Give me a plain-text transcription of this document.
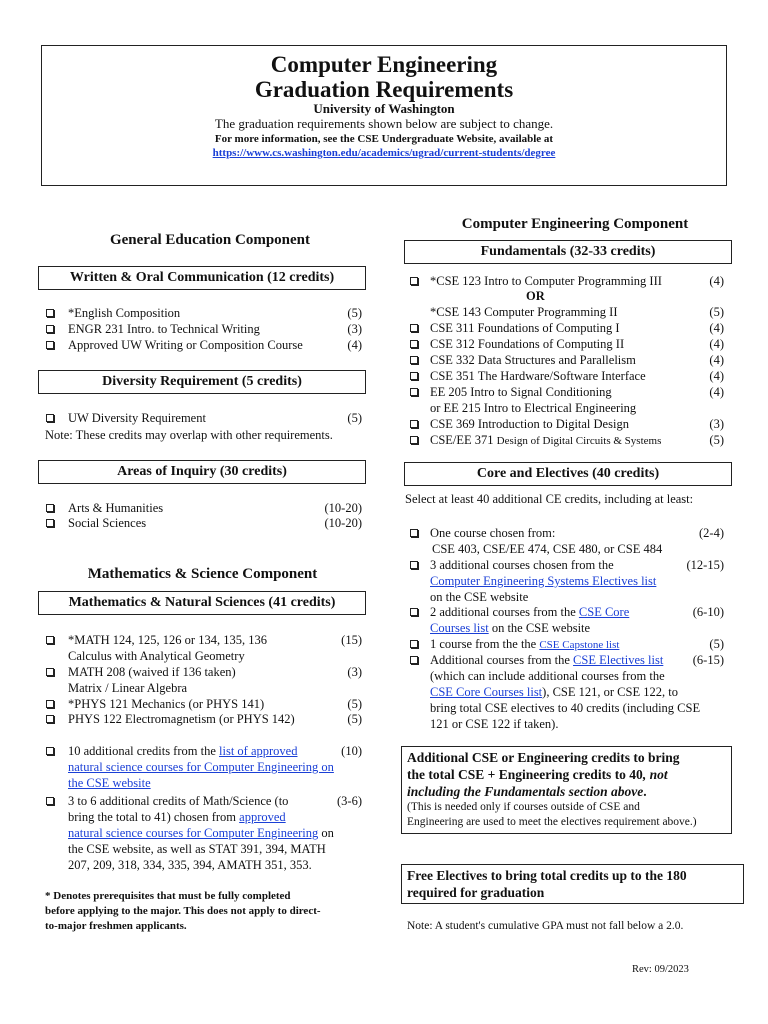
Computer Engineering
Graduation Requirements
University of Washington
The graduation requirements shown below are subject to change.
For more information, see the CSE Undergraduate Website, available at
https://www.cs.washington.edu/academics/ugrad/current-students/degree
General Education Component
Written & Oral Communication (12 credits)
*English Composition	(5)
ENGR 231 Intro. to Technical Writing	(3)
Approved UW Writing or Composition Course	(4)
Diversity Requirement (5 credits)
UW Diversity Requirement	(5)
Note: These credits may overlap with other requirements.
Areas of Inquiry (30 credits)
Arts & Humanities	(10-20)
Social Sciences	(10-20)
Mathematics & Science Component
Mathematics & Natural Sciences (41 credits)
*MATH 124, 125, 126 or 134, 135, 136	(15)
Calculus with Analytical Geometry
MATH 208 (waived if 136 taken)	(3)
Matrix / Linear Algebra
*PHYS 121 Mechanics (or PHYS 141)	(5)
PHYS 122 Electromagnetism (or PHYS 142)	(5)
10 additional credits from the list of approved	(10)
natural science courses for Computer Engineering on
the CSE website
3 to 6 additional credits of Math/Science (to	(3-6)
bring the total to 41) chosen from approved
natural science courses for Computer Engineering on
the CSE website, as well as STAT 391, 394, MATH
207, 209, 318, 334, 335, 394, AMATH 351, 353.
* Denotes prerequisites that must be fully completed
before applying to the major. This does not apply to direct-
to-major freshmen applicants.
Computer Engineering Component
Fundamentals (32-33 credits)
*CSE 123 Intro to Computer Programming III	(4)
OR
*CSE 143 Computer Programming II	(5)
CSE 311 Foundations of Computing I	(4)
CSE 312 Foundations of Computing II	(4)
CSE 332 Data Structures and Parallelism	(4)
CSE 351 The Hardware/Software Interface	(4)
EE 205 Intro to Signal Conditioning	(4)
or EE 215 Intro to Electrical Engineering
CSE 369 Introduction to Digital Design	(3)
CSE/EE 371 Design of Digital Circuits & Systems	(5)
Core and Electives (40 credits)
Select at least 40 additional CE credits, including at least:
One course chosen from:	(2-4)
CSE 403, CSE/EE 474, CSE 480, or CSE 484
3 additional courses chosen from the	(12-15)
Computer Engineering Systems Electives list
on the CSE website
2 additional courses from the CSE Core	(6-10)
Courses list on the CSE website
1 course from the the CSE Capstone list	(5)
Additional courses from the CSE Electives list	(6-15)
(which can include additional courses from the
CSE Core Courses list), CSE 121, or CSE 122, to
bring total CSE electives to 40 credits (including CSE
121 or CSE 122 if taken).
Additional CSE or Engineering credits to bring
the total CSE + Engineering credits to 40, not
including the Fundamentals section above.
(This is needed only if courses outside of CSE and
Engineering are used to meet the electives requirement above.)
Free Electives to bring total credits up to the 180
required for graduation
Note: A student's cumulative GPA must not fall below a 2.0.
Rev: 09/2023
